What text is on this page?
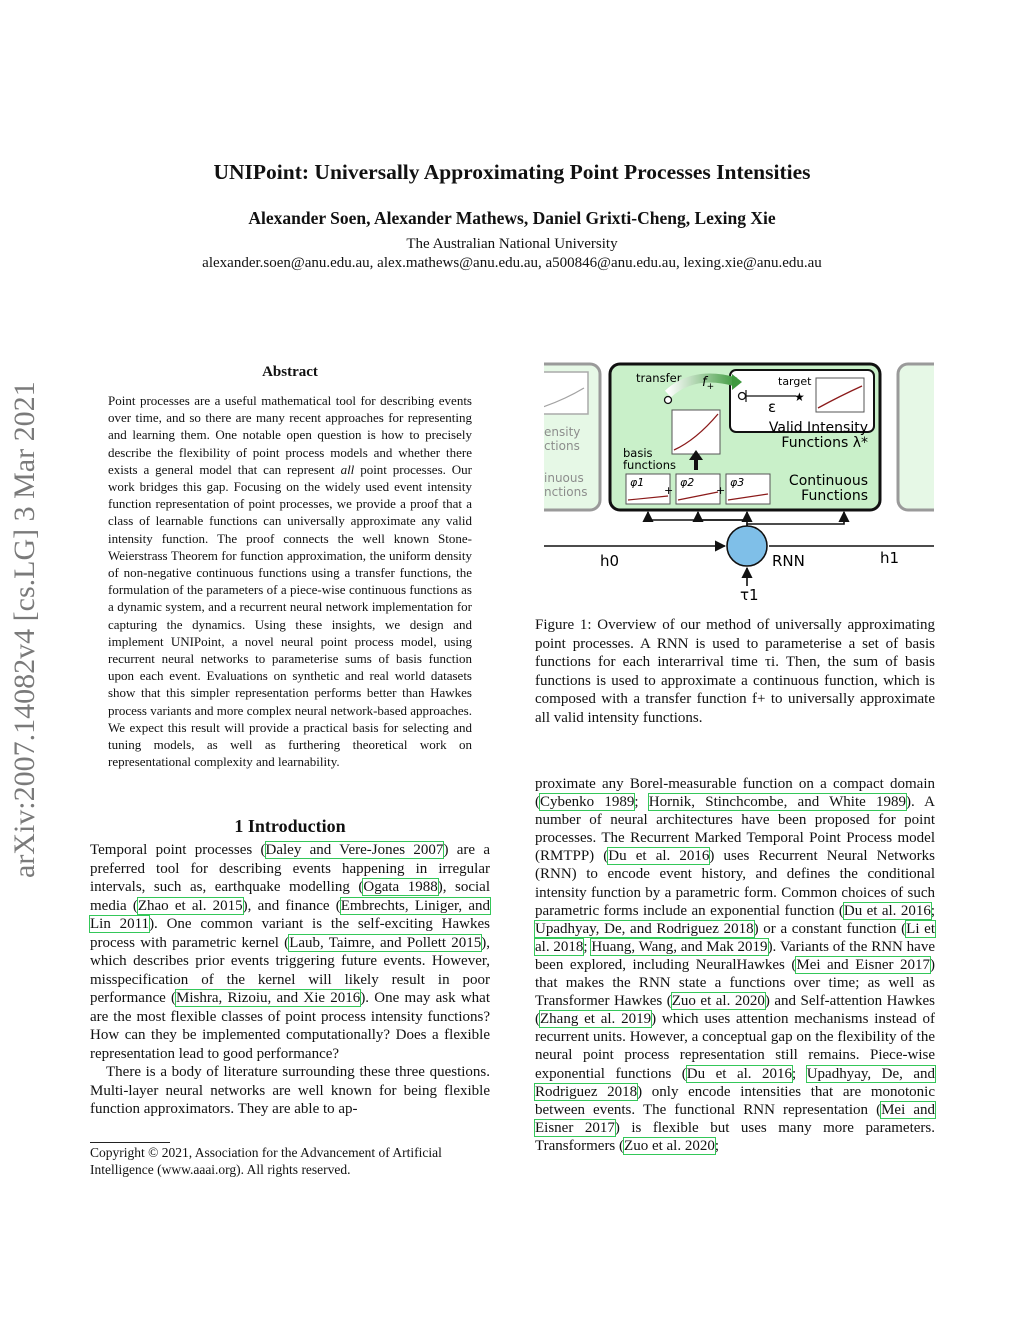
arXiv:2007.14082v4 [cs.LG] 3 Mar 2021
UNIPoint: Universally Approximating Point Processes Intensities
Alexander Soen, Alexander Mathews, Daniel Grixti-Cheng, Lexing Xie
The Australian National University
alexander.soen@anu.edu.au, alex.mathews@anu.edu.au, a500846@anu.edu.au, lexing.xie@anu.edu.au
Abstract
Point processes are a useful mathematical tool for describing events over time, and so there are many recent approaches for representing and learning them. One notable open question is how to precisely describe the flexibility of point process models and whether there exists a general model that can represent all point processes. Our work bridges this gap. Focusing on the widely used event intensity function representation of point processes, we provide a proof that a class of learnable functions can universally approximate any valid intensity function. The proof connects the well known Stone-Weierstrass Theorem for function approximation, the uniform density of non-negative continuous functions using a transfer functions, the formulation of the parameters of a piece-wise continuous functions as a dynamic system, and a recurrent neural network implementation for capturing the dynamics. Using these insights, we design and implement UNIPoint, a novel neural point process model, using recurrent neural networks to parameterise sums of basis function upon each event. Evaluations on synthetic and real world datasets show that this simpler representation performs better than Hawkes process variants and more complex neural network-based approaches. We expect this result will provide a practical basis for selecting and tuning models, as well as furthering theoretical work on representational complexity and learnability.
1 Introduction

Temporal point processes (Daley and Vere-Jones 2007) are a preferred tool for describing events happening in irregular intervals, such as, earthquake modelling (Ogata 1988), social media (Zhao et al. 2015), and finance (Embrechts, Liniger, and Lin 2011). One common variant is the self-exciting Hawkes process with parametric kernel (Laub, Taimre, and Pollett 2015), which describes prior events triggering future events. However, misspecification of the kernel will likely result in poor performance (Mishra, Rizoiu, and Xie 2016). One may ask what are the most flexible classes of point process intensity functions? How can they be implemented computationally? Does a flexible representation lead to good performance?

There is a body of literature surrounding these three questions. Multi-layer neural networks are well known for being flexible function approximators. They are able to ap-

Copyright © 2021, Association for the Advancement of Artificial Intelligence (www.aaai.org). All rights reserved.
ensity
ctions
inuous
nctions
transfer $f_+$	target
★
ε
Valid Intensity
Functions λ*
basis
functions
φ1
+
φ2
+
φ3	Continuous
Functions
RNN
h0	h1
τ1
Figure 1: Overview of our method of universally approximating point processes. A RNN is used to parameterise a set of basis functions for each interarrival time τi. Then, the sum of basis functions is used to approximate a continuous function, which is composed with a transfer function f+ to universally approximate all valid intensity functions.
proximate any Borel-measurable function on a compact domain (Cybenko 1989; Hornik, Stinchcombe, and White 1989). A number of neural architectures have been proposed for point processes. The Recurrent Marked Temporal Point Process model (RMTPP) (Du et al. 2016) uses Recurrent Neural Networks (RNN) to encode event history, and defines the conditional intensity function by a parametric form. Common choices of such parametric forms include an exponential function (Du et al. 2016; Upadhyay, De, and Rodriguez 2018) or a constant function (Li et al. 2018; Huang, Wang, and Mak 2019). Variants of the RNN have been explored, including NeuralHawkes (Mei and Eisner 2017) that makes the RNN state a functions over time; as well as Transformer Hawkes (Zuo et al. 2020) and Self-attention Hawkes (Zhang et al. 2019) which uses attention mechanisms instead of recurrent units. However, a conceptual gap on the flexibility of the neural point process representation still remains. Piece-wise exponential functions (Du et al. 2016; Upadhyay, De, and Rodriguez 2018) only encode intensities that are monotonic between events. The functional RNN representation (Mei and Eisner 2017) is flexible but uses many more parameters. Transformers (Zuo et al. 2020;
